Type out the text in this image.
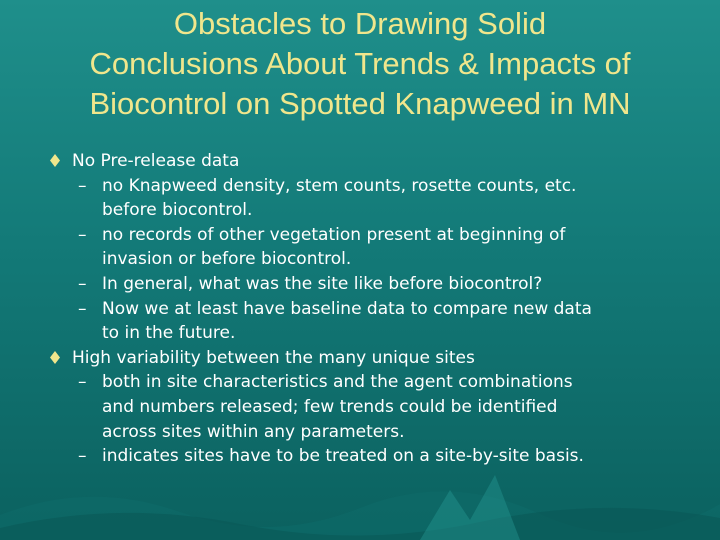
Obstacles to Drawing Solid
Conclusions About Trends & Impacts of
Biocontrol on Spotted Knapweed in MN
No Pre-release data
– no Knapweed density, stem counts, rosette counts, etc.
before biocontrol.
– no records of other vegetation present at beginning of
invasion or before biocontrol.
– In general, what was the site like before biocontrol?
– Now we at least have baseline data to compare new data
to in the future.
High variability between the many unique sites
– both in site characteristics and the agent combinations
and numbers released; few trends could be identified
across sites within any parameters.
– indicates sites have to be treated on a site-by-site basis.
